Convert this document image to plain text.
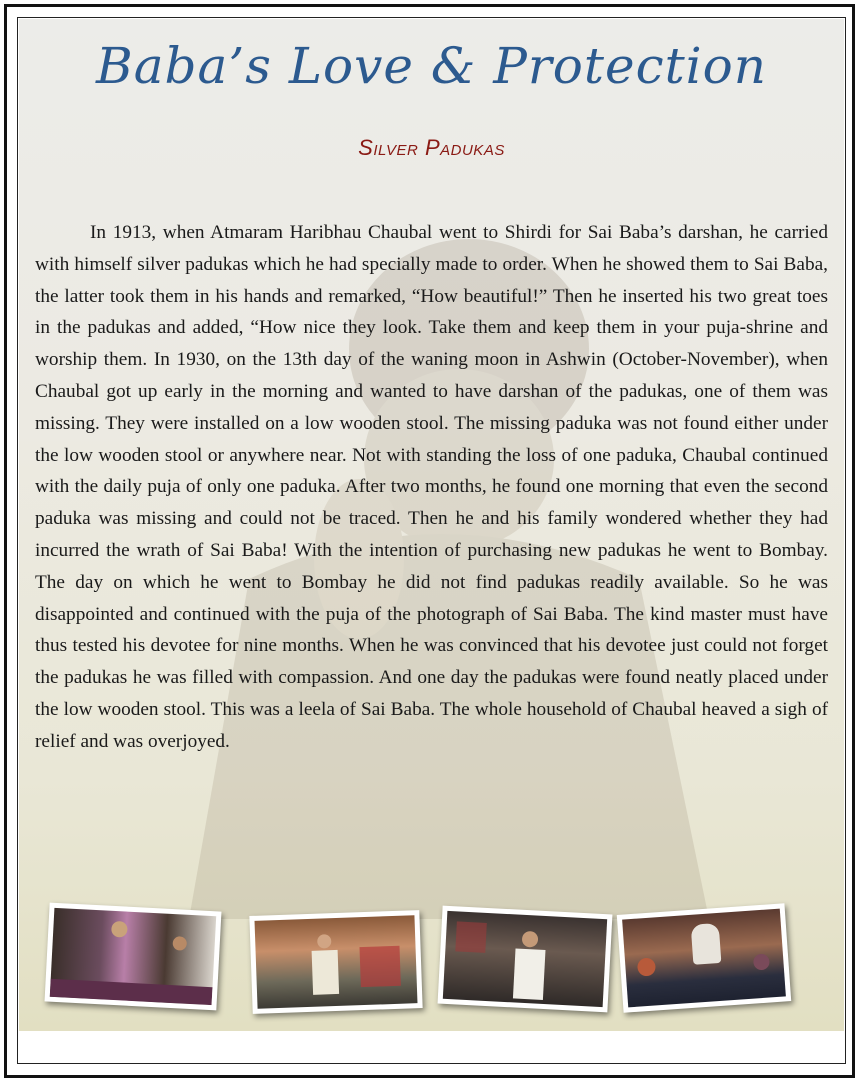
Baba’s Love & Protection
Silver Padukas

In 1913, when Atmaram Haribhau Chaubal went to Shirdi for Sai Baba’s darshan, he carried with himself silver padukas which he had specially made to order. When he showed them to Sai Baba, the latter took them in his hands and remarked, “How beautiful!” Then he inserted his two great toes in the padukas and added, “How nice they look. Take them and keep them in your puja-shrine and worship them. In 1930, on the 13th day of the waning moon in Ashwin (October-November), when Chaubal got up early in the morning and wanted to have darshan of the padukas, one of them was missing. They were installed on a low wooden stool. The missing paduka was not found either under the low wooden stool or anywhere near. Not with standing the loss of one paduka, Chaubal continued with the daily puja of only one paduka. After two months, he found one morning that even the second paduka was missing and could not be traced. Then he and his family wondered whether they had incurred the wrath of Sai Baba! With the intention of purchasing new padukas he went to Bombay. The day on which he went to Bombay he did not find padukas readily available. So he was disappointed and continued with the puja of the photograph of Sai Baba. The kind master must have thus tested his devotee for nine months. When he was convinced that his devotee just could not forget the padukas he was filled with compassion. And one day the padukas were found neatly placed under the low wooden stool. This was a leela of Sai Baba. The whole household of Chaubal heaved a sigh of relief and was overjoyed.
